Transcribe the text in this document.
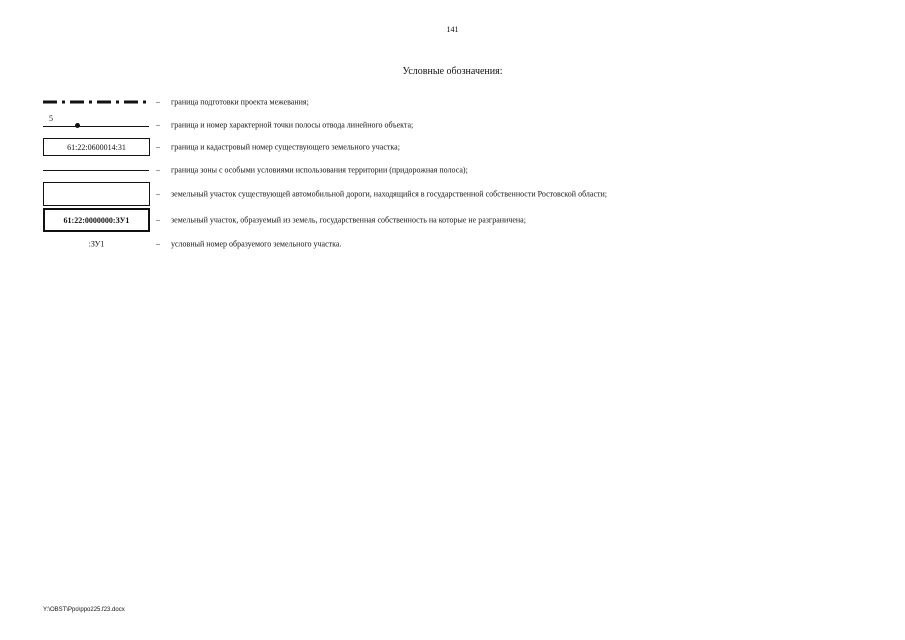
141
Условные обозначения:
– граница подготовки проекта межевания;
5
– граница и номер характерной точки полосы отвода линейного объекта;
61:22:0600014:31	– граница и кадастровый номер существующего земельного участка;
– граница зоны с особыми условиями использования территории (придорожная полоса);
– земельный участок существующей автомобильной дороги, находящийся в государственной собственности Ростовской области;
61:22:0000000:ЗУ1	– земельный участок, образуемый из земель, государственная собственность на которые не разграничена;
:ЗУ1	– условный номер образуемого земельного участка.
Y:\OBST\Ppo\ppo225.f23.docx
